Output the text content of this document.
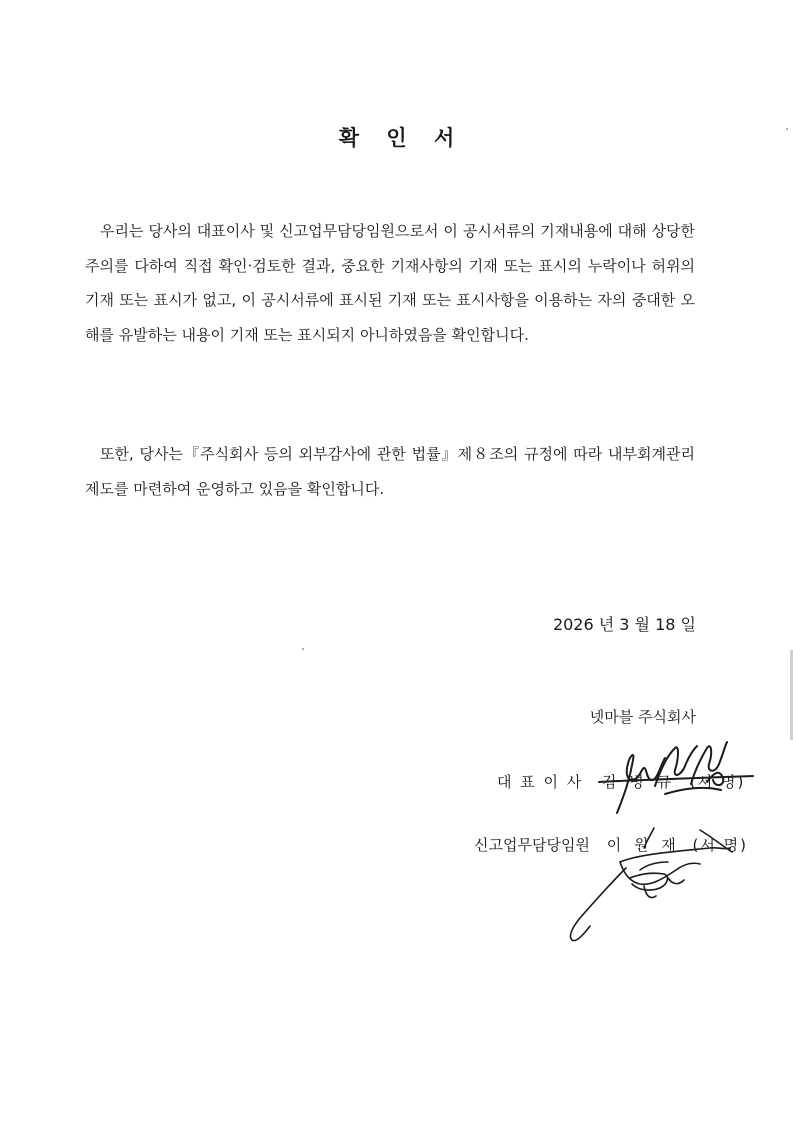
확 인 서

우리는 당사의 대표이사 및 신고업무담당임원으로서 이 공시서류의 기재내용에 대해 상당한 주의를 다하여 직접 확인·검토한 결과, 중요한 기재사항의 기재 또는 표시의 누락이나 허위의 기재 또는 표시가 없고, 이 공시서류에 표시된 기재 또는 표시사항을 이용하는 자의 중대한 오해를 유발하는 내용이 기재 또는 표시되지 아니하였음을 확인합니다.

또한, 당사는『주식회사 등의 외부감사에 관한 법률』제８조의 규정에 따라 내부회계관리제도를 마련하여 운영하고 있음을 확인합니다.

2026 년 3 월 18 일
넷마블 주식회사
대 표 이 사 김 병 규 (서 명)
신고업무담당임원 이 원 재 (서 명)
